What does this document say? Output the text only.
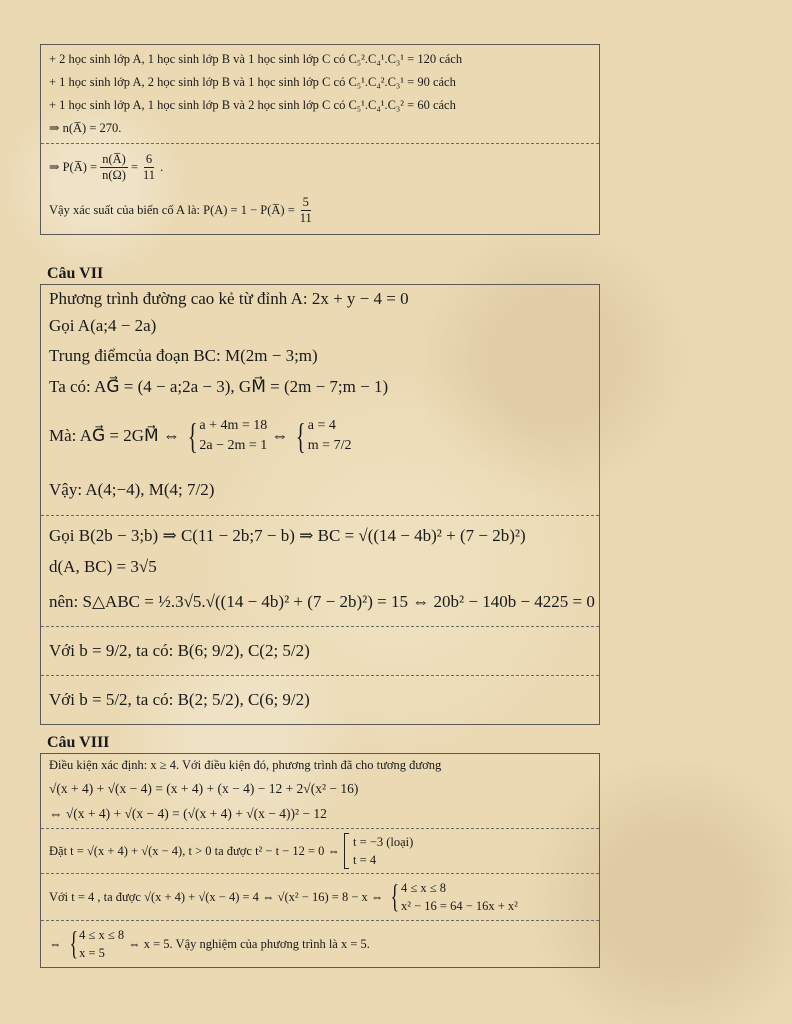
+ 2 học sinh lớp A, 1 học sinh lớp B và 1 học sinh lớp C có C₅².C₄¹.C₃¹ = 120 cách
+ 1 học sinh lớp A, 2 học sinh lớp B và 1 học sinh lớp C có C₅¹.C₄².C₃¹ = 90 cách
+ 1 học sinh lớp A, 1 học sinh lớp B và 2 học sinh lớp C có C₅¹.C₄¹.C₃² = 60 cách
⇒ n(A̅) = 270.
⇒ P(A̅) = $\frac{n(A̅)}{n(\Omega)} = \frac{6}{11}$ .
Vậy xác suất của biến cố A là: P(A) = 1 − P(A̅) = $\frac{5}{11}$
Câu VII
Phương trình đường cao kẻ từ đỉnh A: 2x + y − 4 = 0
Gọi A(a;4 − 2a)
Trung điểmcủa đoạn BC: M(2m − 3;m)
Ta có: AG⃗ = (4 − a;2a − 3), GM⃗ = (2m − 7;m − 1)
Mà: AG⃗ = 2GM⃗ ⇔ { a + 4m = 18
2a − 2m = 1
⇔ { a = 4
m = 7/2
Vậy: A(4;−4), M(4; 7/2)
Gọi B(2b − 3;b) ⇒ C(11 − 2b;7 − b) ⇒ BC = √((14 − 4b)² + (7 − 2b)²)
d(A, BC) = 3√5
nên: S△ABC = ½.3√5.√((14 − 4b)² + (7 − 2b)²) = 15 ⇔ 20b² − 140b − 4225 = 0
Với b = 9/2, ta có: B(6; 9/2), C(2; 5/2)
Với b = 5/2, ta có: B(2; 5/2), C(6; 9/2)
Câu VIII
Điều kiện xác định: x ≥ 4. Với điều kiện đó, phương trình đã cho tương đương
√(x + 4) + √(x − 4) = (x + 4) + (x − 4) − 12 + 2√(x² − 16)
⇔ √(x + 4) + √(x − 4) = (√(x + 4) + √(x − 4))² − 12
Đặt t = √(x + 4) + √(x − 4), t > 0 ta được t² − t − 12 = 0 ⇔
t = −3 (loại)
t = 4
Với t = 4 , ta được √(x + 4) + √(x − 4) = 4 ⇔ √(x² − 16) = 8 − x ⇔ { 4 ≤ x ≤ 8
x² − 16 = 64 − 16x + x²
⇔ { 4 ≤ x ≤ 8
x = 5
⇔ x = 5. Vậy nghiệm của phương trình là x = 5.
